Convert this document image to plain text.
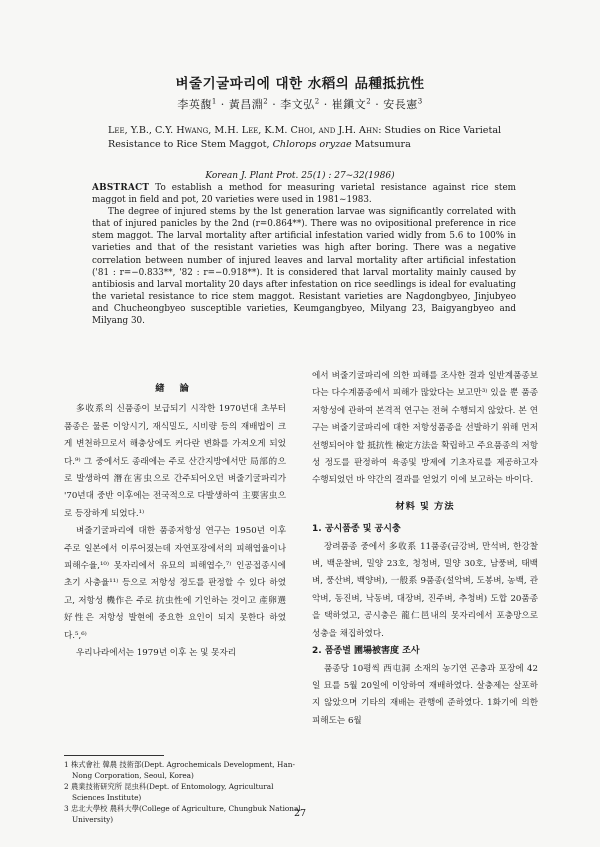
벼줄기굴파리에 대한 水稻의 品種抵抗性
李英馥$^1$ · 黃昌淵$^2$ · 李文弘$^2$ · 崔鎭文$^2$ · 安長憲$^3$
Lee, Y.B., C.Y. Hwang, M.H. Lee, K.M. Choi, and J.H. Ahn: Studies on Rice Varietal Resistance to Rice Stem Maggot, Chlorops oryzae Matsumura
Korean J. Plant Prot. 25(1) : 27∼32(1986)

ABSTRACT To establish a method for measuring varietal resistance against rice stem maggot in field and pot, 20 varieties were used in 1981∼1983.

The degree of injured stems by the lst generation larvae was significantly correlated with that of injured panicles by the 2nd (r=0.864**). There was no ovipositional preference in rice stem maggot. The larval mortality after artificial infestation varied widly from 5.6 to 100% in varieties and that of the resistant varieties was high after boring. There was a negative correlation between number of injured leaves and larval mortality after artificial infestation ('81 : r=−0.833**, '82 : r=−0.918**). It is considered that larval mortality mainly caused by antibiosis and larval mortality 20 days after infestation on rice seedlings is ideal for evaluating the varietal resistance to rice stem maggot. Resistant varieties are Nagdongbyeo, Jinjubyeo and Chucheongbyeo susceptible varieties, Keumgangbyeo, Milyang 23, Baigyangbyeo and Milyang 30.

緖 論

多收系의 신품종이 보급되기 시작한 1970년대 초부터 품종은 물론 이앙시기, 재식밀도, 시비량 등의 재배법이 크게 변천하므로서 해충상에도 커다란 변화를 가져오게 되었다.⁹⁾ 그 중에서도 종래에는 주로 산간지방에서만 局部的으로 발생하여 潛在害虫으로 간주되어오던 벼줄기굴파리가 '70년대 중반 이후에는 전국적으로 다발생하여 主要害虫으로 등장하게 되었다.¹⁾

벼줄기굴파리에 대한 품종저항성 연구는 1950년 이후 주로 일본에서 이루어졌는데 자연포장에서의 피해엽율이나 피해수율,¹⁰⁾ 못자리에서 유묘의 피해엽수,⁷⁾ 인공접종시에 초기 사충율¹¹⁾ 등으로 저항성 정도를 판정할 수 있다 하였고, 저항성 機作은 주로 抗虫性에 기인하는 것이고 產卵選好性은 저항성 발현에 중요한 요인이 되지 못한다 하였다.⁵,⁶⁾

우리나라에서는 1979년 이후 논 및 못자리

에서 벼줄기굴파리에 의한 피해를 조사한 결과 일반계품종보다는 다수계품종에서 피해가 많았다는 보고만³⁾ 있을 뿐 품종저항성에 관하여 본격적 연구는 전혀 수행되지 않았다. 본 연구는 벼줄기굴파리에 대한 저항성품종을 선발하기 위해 먼저 선행되어야 할 抵抗性 檢定方法을 확립하고 주요품종의 저항성 정도를 판정하여 육종및 방제에 기초자료를 제공하고자 수행되었던 바 약간의 결과를 얻었기 이에 보고하는 바이다.

材料 및 方法

1. 공시품종 및 공시충

장려품종 중에서 多收系 11품종(금강벼, 만석벼, 한강찰벼, 백운찰벼, 밀양 23호, 청청벼, 밀양 30호, 남풍벼, 태백벼, 풍산벼, 백양벼), 一般系 9품종(설악벼, 도봉벼, 농백, 관악벼, 동진벼, 낙동벼, 대장벼, 진주벼, 추청벼) 도합 20품종을 택하였고, 공시충은 龍仁邑내의 못자리에서 포충망으로 성충을 채집하였다.

2. 품종별 圃場被害度 조사

품종당 10평씩 西屯洞 소재의 농기연 곤충과 포장에 42일 묘를 5월 20일에 이앙하여 재배하였다. 살충제는 살포하지 않았으며 기타의 재배는 관행에 준하였다. 1화기에 의한 피해도는 6월

1 株式會社 韓農 技術部(Dept. Agrochemicals Development, Han-Nong Corporation, Seoul, Korea)

2 農業技術研究所 昆虫科(Dept. of Entomology, Agricultural Sciences Institute)

3 忠北大學校 農科大學(College of Agriculture, Chungbuk National University)

27
